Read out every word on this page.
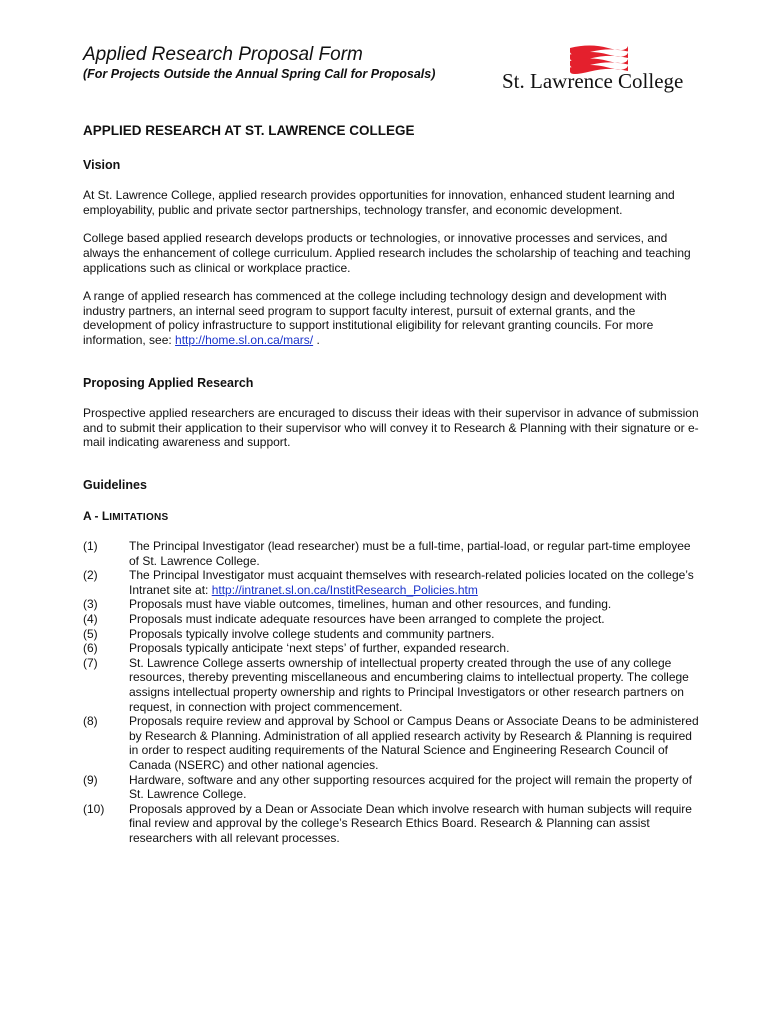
Applied Research Proposal Form
(For Projects Outside the Annual Spring Call for Proposals)	St. Lawrence College
APPLIED RESEARCH AT ST. LAWRENCE COLLEGE
Vision

At St. Lawrence College, applied research provides opportunities for innovation, enhanced student learning and employability, public and private sector partnerships, technology transfer, and economic development.

College based applied research develops products or technologies, or innovative processes and services, and always the enhancement of college curriculum. Applied research includes the scholarship of teaching and teaching applications such as clinical or workplace practice.

A range of applied research has commenced at the college including technology design and development with industry partners, an internal seed program to support faculty interest, pursuit of external grants, and the development of policy infrastructure to support institutional eligibility for relevant granting councils. For more information, see: http://home.sl.on.ca/mars/ .

Proposing Applied Research

Prospective applied researchers are encuraged to discuss their ideas with their supervisor in advance of submission and to submit their application to their supervisor who will convey it to Research & Planning with their signature or e-mail indicating awareness and support.

Guidelines
A - LIMITATIONS
(1)	The Principal Investigator (lead researcher) must be a full-time, partial-load, or regular part-time employee of St. Lawrence College.
(2)	The Principal Investigator must acquaint themselves with research-related policies located on the college’s Intranet site at: http://intranet.sl.on.ca/InstitResearch_Policies.htm
(3)	Proposals must have viable outcomes, timelines, human and other resources, and funding.
(4)	Proposals must indicate adequate resources have been arranged to complete the project.
(5)	Proposals typically involve college students and community partners.
(6)	Proposals typically anticipate ‘next steps’ of further, expanded research.
(7)	St. Lawrence College asserts ownership of intellectual property created through the use of any college resources, thereby preventing miscellaneous and encumbering claims to intellectual property. The college assigns intellectual property ownership and rights to Principal Investigators or other research partners on request, in connection with project commencement.
(8)	Proposals require review and approval by School or Campus Deans or Associate Deans to be administered by Research & Planning. Administration of all applied research activity by Research & Planning is required in order to respect auditing requirements of the Natural Science and Engineering Research Council of Canada (NSERC) and other national agencies.
(9)	Hardware, software and any other supporting resources acquired for the project will remain the property of St. Lawrence College.
(10)	Proposals approved by a Dean or Associate Dean which involve research with human subjects will require final review and approval by the college’s Research Ethics Board. Research & Planning can assist researchers with all relevant processes.
